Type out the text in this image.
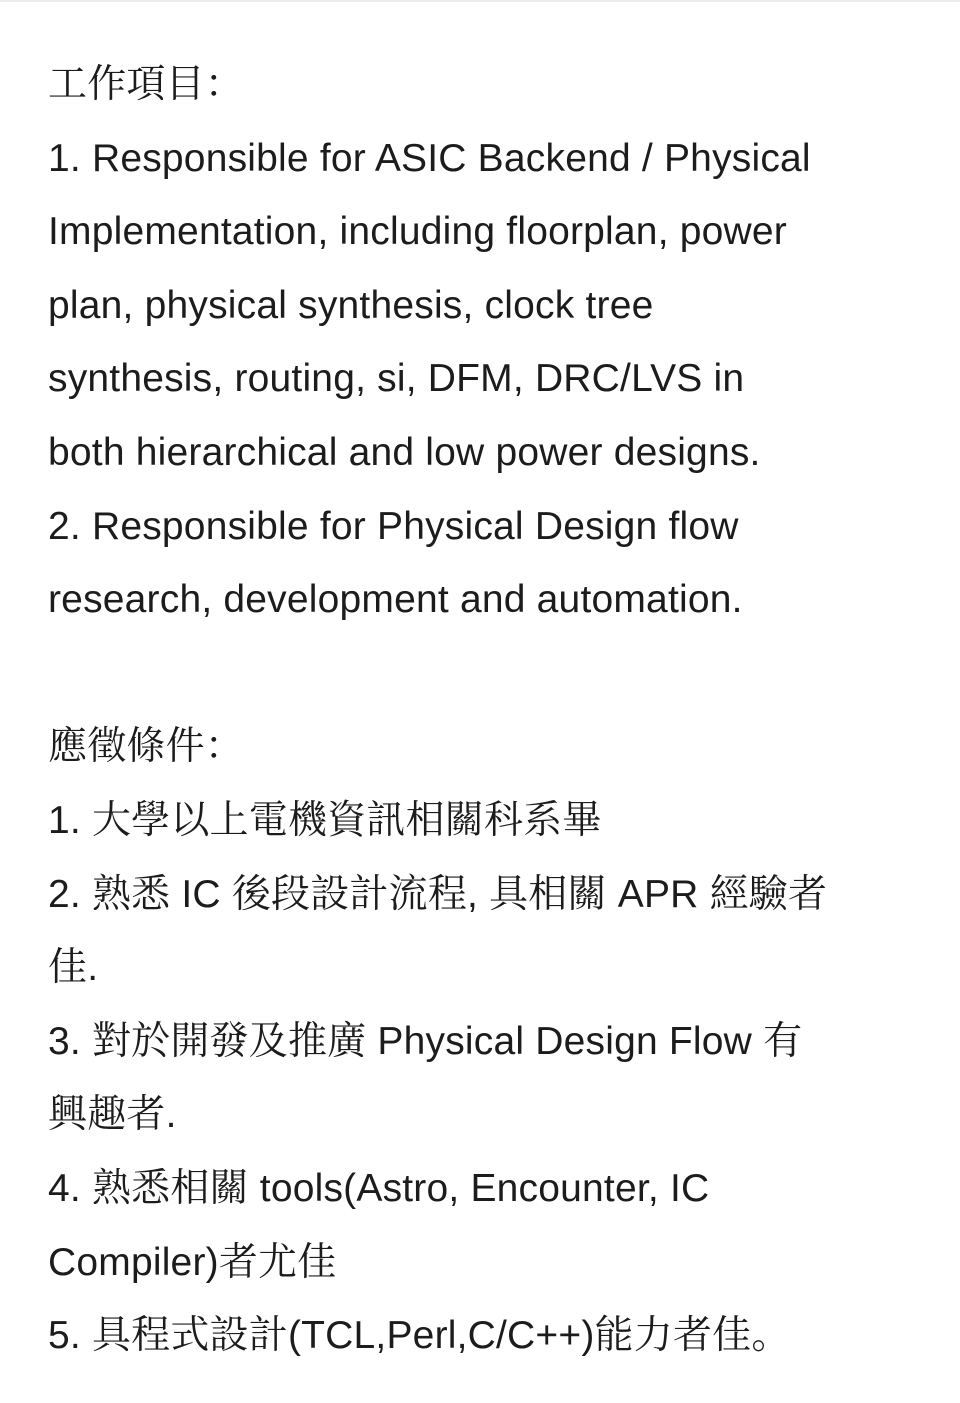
工作項目：
1. Responsible for ASIC Backend / Physical
Implementation, including floorplan, power
plan, physical synthesis, clock tree
synthesis, routing, si, DFM, DRC/LVS in
both hierarchical and low power designs.
2. Responsible for Physical Design flow
research, development and automation.
應徵條件：
1. 大學以上電機資訊相關科系畢
2. 熟悉 IC 後段設計流程, 具相關 APR 經驗者
佳.
3. 對於開發及推廣 Physical Design Flow 有
興趣者.
4. 熟悉相關 tools(Astro, Encounter, IC
Compiler)者尤佳
5. 具程式設計(TCL,Perl,C/C++)能力者佳。
